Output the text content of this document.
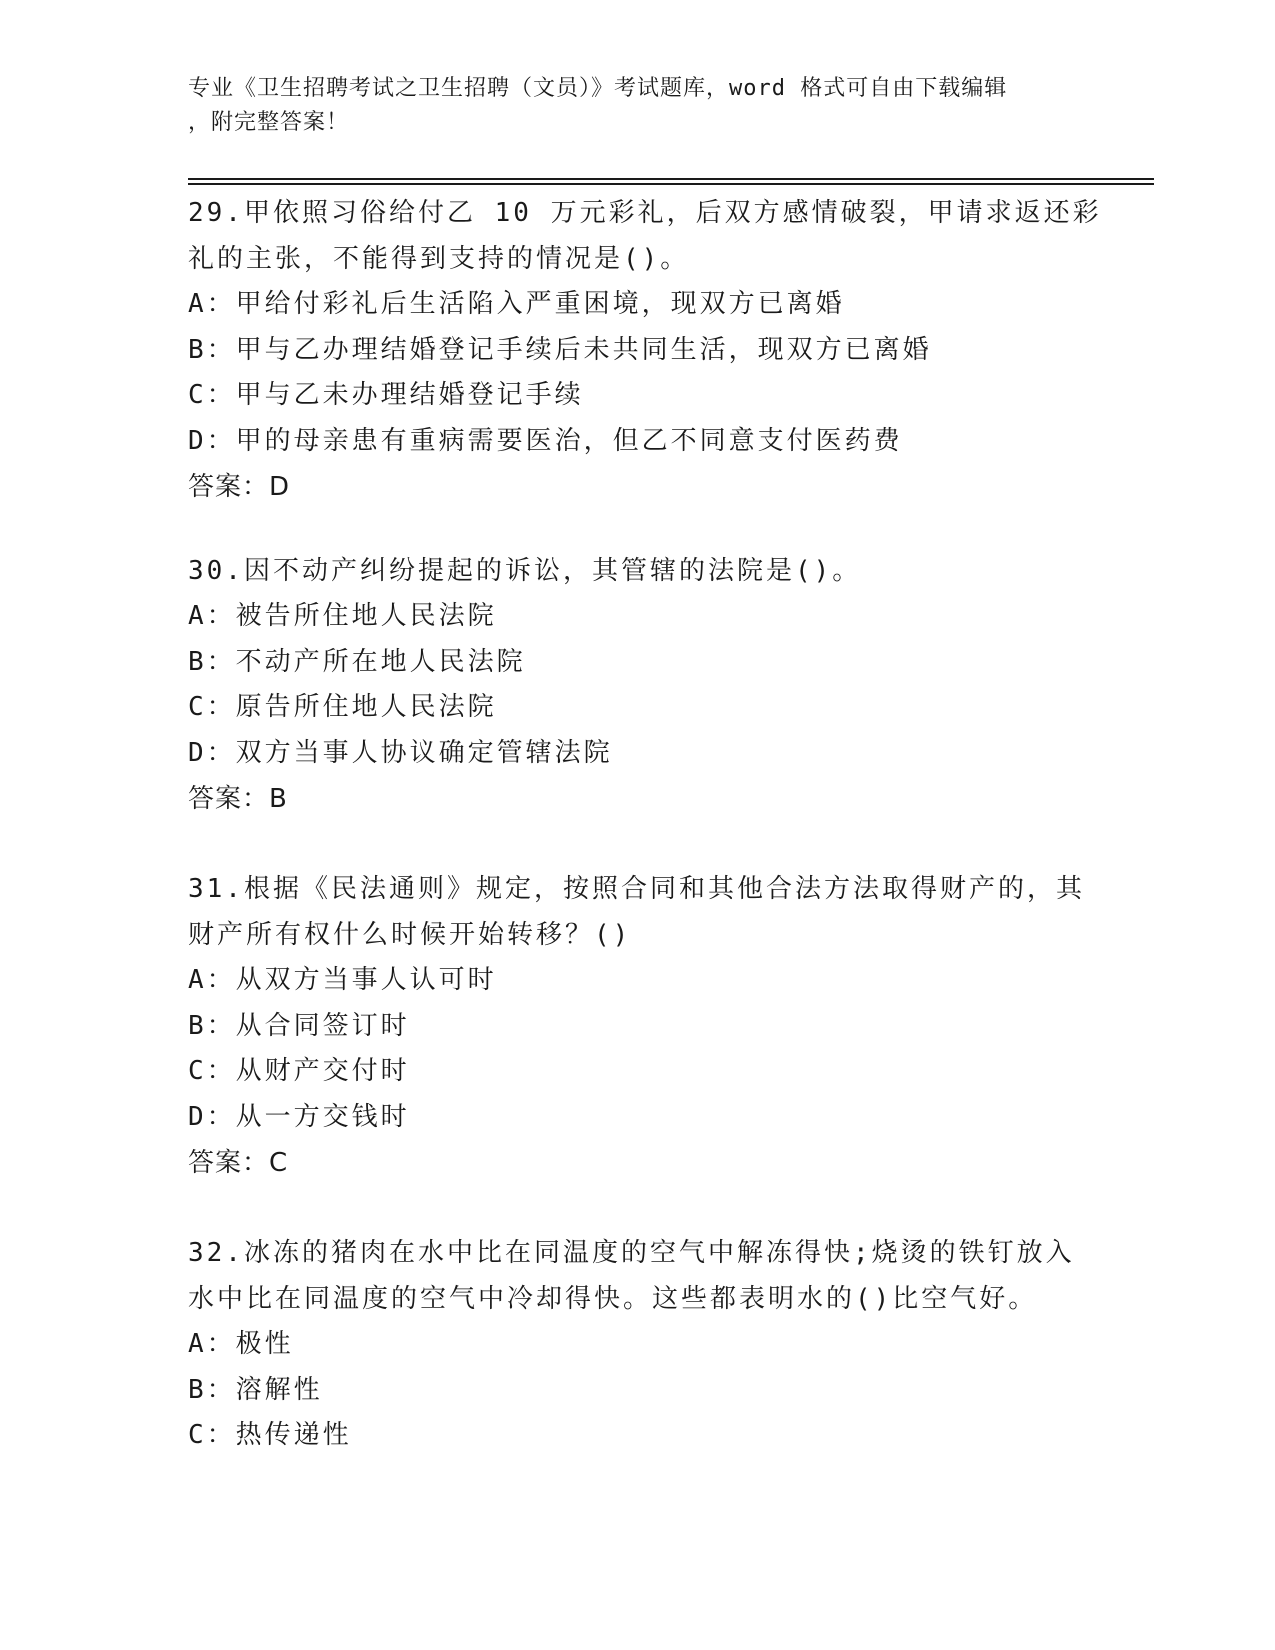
专业《卫生招聘考试之卫生招聘（文员）》考试题库，word 格式可自由下载编辑
，附完整答案！
29.甲依照习俗给付乙 10 万元彩礼，后双方感情破裂，甲请求返还彩
礼的主张，不能得到支持的情况是()。
A：甲给付彩礼后生活陷入严重困境，现双方已离婚
B：甲与乙办理结婚登记手续后未共同生活，现双方已离婚
C：甲与乙未办理结婚登记手续
D：甲的母亲患有重病需要医治，但乙不同意支付医药费
答案：D
30.因不动产纠纷提起的诉讼，其管辖的法院是()。
A：被告所住地人民法院
B：不动产所在地人民法院
C：原告所住地人民法院
D：双方当事人协议确定管辖法院
答案：B
31.根据《民法通则》规定，按照合同和其他合法方法取得财产的，其
财产所有权什么时候开始转移？()
A：从双方当事人认可时
B：从合同签订时
C：从财产交付时
D：从一方交钱时
答案：C
32.冰冻的猪肉在水中比在同温度的空气中解冻得快;烧烫的铁钉放入
水中比在同温度的空气中冷却得快。这些都表明水的()比空气好。
A：极性
B：溶解性
C：热传递性
